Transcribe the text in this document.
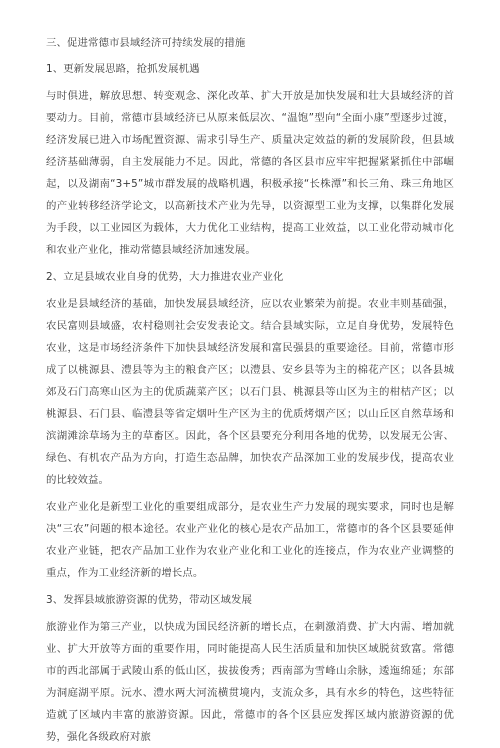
三、促进常德市县域经济可持续发展的措施
1、更新发展思路，抢抓发展机遇
与时俱进，解放思想、转变观念、深化改革、扩大开放是加快发展和壮大县域经济的首要动力。目前，常德市县域经济已从原来低层次、“温饱”型向“全面小康”型逐步过渡，经济发展已进入市场配置资源、需求引导生产、质量决定效益的新的发展阶段，但县域经济基础薄弱，自主发展能力不足。因此，常德的各区县市应牢牢把握紧紧抓住中部崛起，以及湖南“3+5”城市群发展的战略机遇，积极承接“长株潭”和长三角、珠三角地区的产业转移经济学论文，以高新技术产业为先导，以资源型工业为支撑，以集群化发展为手段，以工业园区为载体，大力优化工业结构，提高工业效益，以工业化带动城市化和农业产业化，推动常德县域经济加速发展。
2、立足县域农业自身的优势，大力推进农业产业化
农业是县域经济的基础，加快发展县域经济，应以农业繁荣为前提。农业丰则基础强，农民富则县域盛，农村稳则社会安发表论文。结合县域实际，立足自身优势，发展特色农业，这是市场经济条件下加快县域经济发展和富民强县的重要途径。目前，常德市形成了以桃源县、澧县等为主的粮食产区；以澧县、安乡县等为主的棉花产区；以各县城郊及石门高寒山区为主的优质蔬菜产区；以石门县、桃源县等山区为主的柑桔产区；以桃源县、石门县、临澧县等省定烟叶生产区为主的优质烤烟产区；以山丘区自然草场和滨湖滩涂草场为主的草畜区。因此，各个区县要充分利用各地的优势，以发展无公害、绿色、有机农产品为方向，打造生态品牌，加快农产品深加工业的发展步伐，提高农业的比较效益。
农业产业化是新型工业化的重要组成部分，是农业生产力发展的现实要求，同时也是解决“三农”问题的根本途径。农业产业化的核心是农产品加工，常德市的各个区县要延伸农业产业链，把农产品加工业作为农业产业化和工业化的连接点，作为农业产业调整的重点，作为工业经济新的增长点。
3、发挥县域旅游资源的优势，带动区域发展
旅游业作为第三产业，以快成为国民经济新的增长点，在刺激消费、扩大内需、增加就业、扩大开放等方面的重要作用，同时能提高人民生活质量和加快区域脱贫致富。常德市的西北部属于武陵山系的低山区，拔拔俊秀；西南部为雪峰山余脉，逶迤绵延；东部为洞庭湖平原。沅水、澧水两大河流横贯境内，支流众多，具有水乡的特色，这些特征造就了区域内丰富的旅游资源。因此，常德市的各个区县应发挥区域内旅游资源的优势，强化各级政府对旅
